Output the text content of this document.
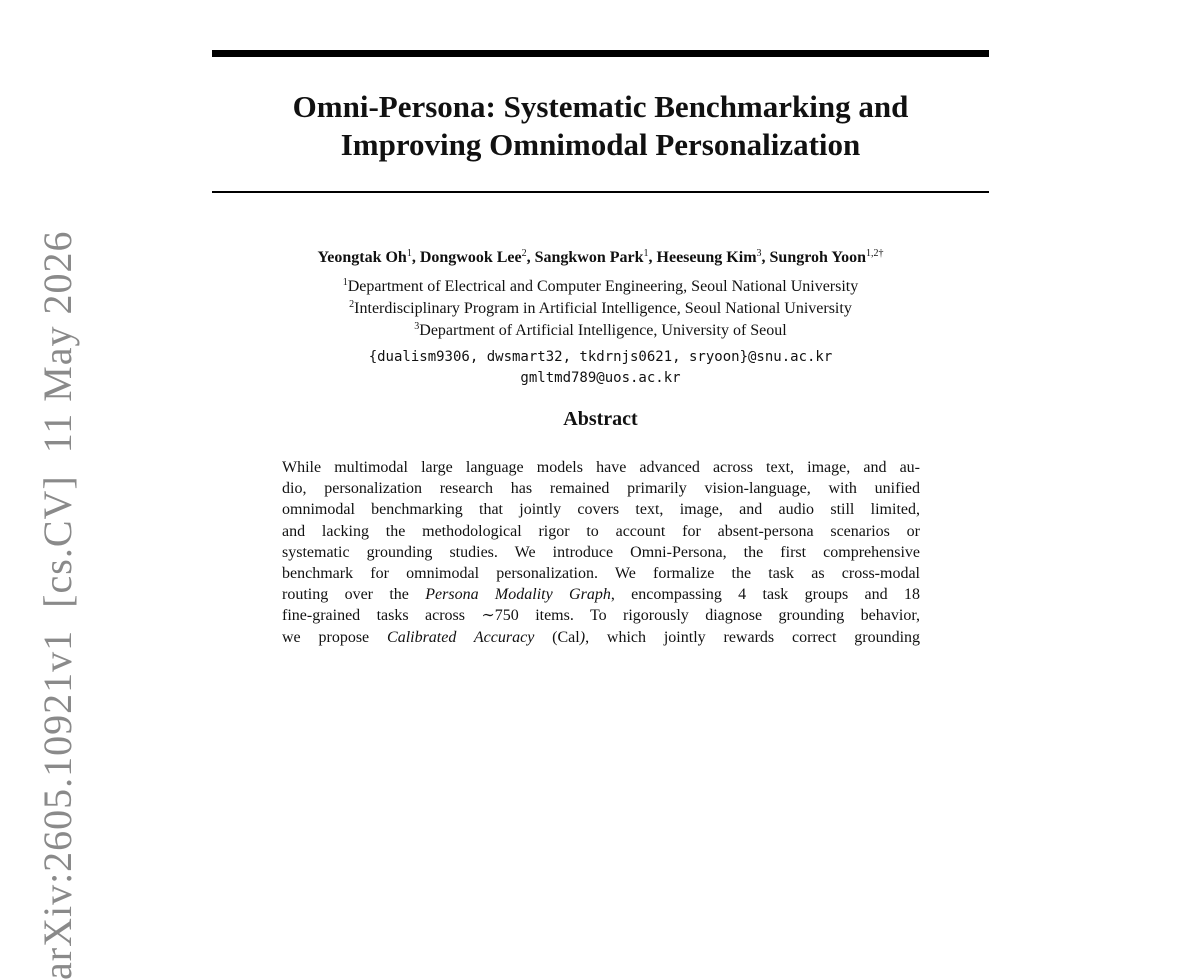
Omni-Persona: Systematic Benchmarking and
Improving Omnimodal Personalization
Yeongtak Oh$^1$, Dongwook Lee$^2$, Sangkwon Park$^1$, Heeseung Kim$^3$, Sungroh Yoon$^{1,2\dagger}$
$^1$Department of Electrical and Computer Engineering, Seoul National University
$^2$Interdisciplinary Program in Artificial Intelligence, Seoul National University
$^3$Department of Artificial Intelligence, University of Seoul
{dualism9306, dwsmart32, tkdrnjs0621, sryoon}@snu.ac.kr
gmltmd789@uos.ac.kr
Abstract
While multimodal large language models have advanced across text, image, and au-
dio, personalization research has remained primarily vision-language, with unified
omnimodal benchmarking that jointly covers text, image, and audio still limited,
and lacking the methodological rigor to account for absent-persona scenarios or
systematic grounding studies. We introduce Omni-Persona, the first comprehensive
benchmark for omnimodal personalization. We formalize the task as cross-modal
routing over the Persona Modality Graph, encompassing 4 task groups and 18
fine-grained tasks across ∼750 items. To rigorously diagnose grounding behavior,
we propose Calibrated Accuracy (Cal), which jointly rewards correct grounding
arXiv:2605.10921v1  [cs.CV]  11 May 2026
